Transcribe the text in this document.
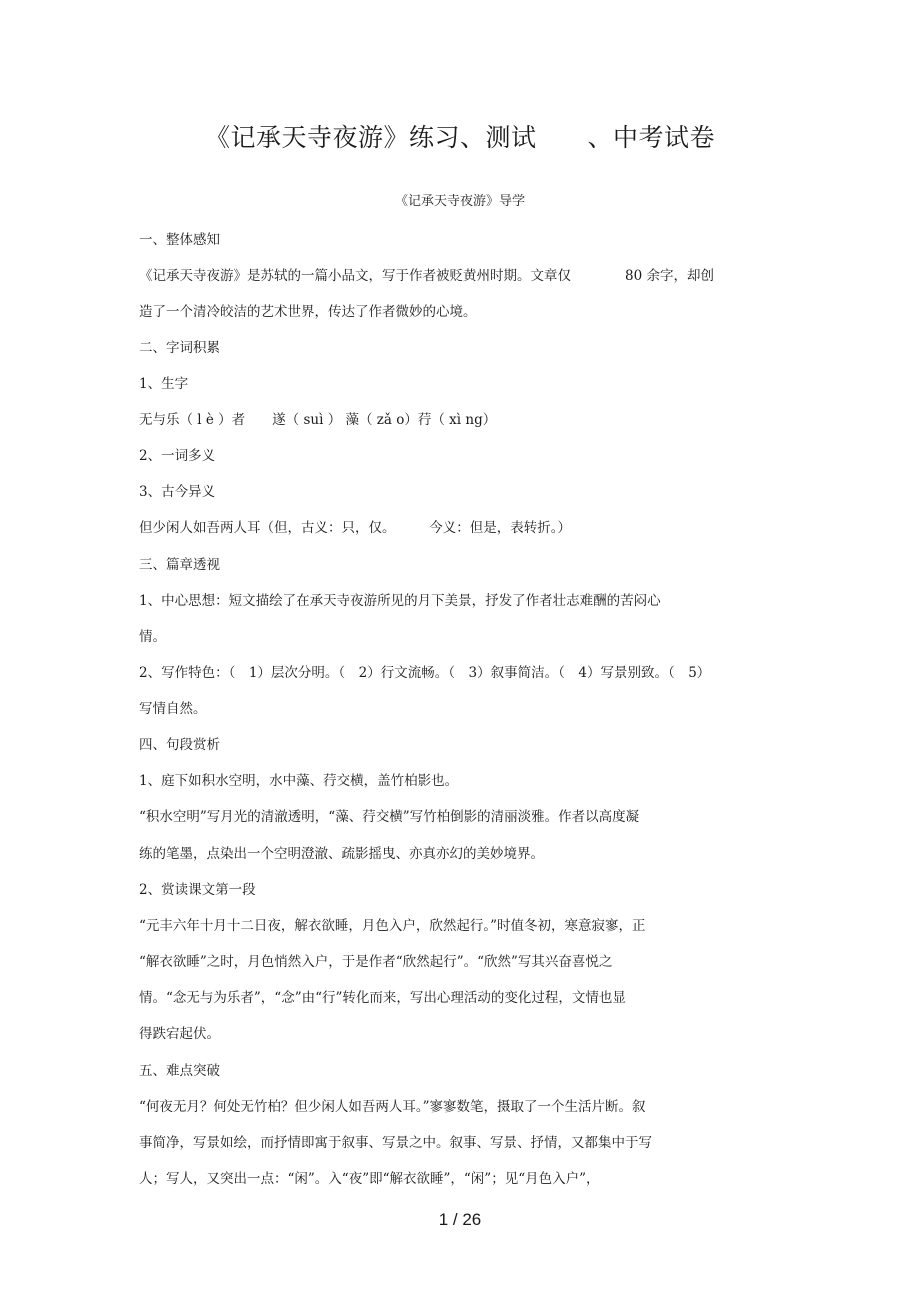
《记承天寺夜游》练习、测试　　、中考试卷
《记承天寺夜游》导学
一、整体感知
《记承天寺夜游》是苏轼的一篇小品文，写于作者被贬黄州时期。文章仅　　　　80 余字，却创
造了一个清冷皎洁的艺术世界，传达了作者微妙的心境。
二、字词积累
1、生字
无与乐（ l è ）者　　遂（ suì ） 藻（ zǎ o）荇（ xì ng）
2、一词多义
3、古今异义
但少闲人如吾两人耳（但，古义：只，仅。　　　今义：但是，表转折。）
三、篇章透视
1、中心思想：短文描绘了在承天寺夜游所见的月下美景，抒发了作者壮志难酬的苦闷心
情。
2、写作特色：（　1）层次分明。（　2）行文流畅。（　3）叙事简洁。（　4）写景别致。（　5）
写情自然。
四、句段赏析
1、庭下如积水空明，水中藻、荇交横，盖竹柏影也。
“积水空明”写月光的清澈透明，“藻、荇交横”写竹柏倒影的清丽淡雅。作者以高度凝
练的笔墨，点染出一个空明澄澈、疏影摇曳、亦真亦幻的美妙境界。
2、赏读课文第一段
“元丰六年十月十二日夜，解衣欲睡，月色入户，欣然起行。”时值冬初，寒意寂寥，正
“解衣欲睡”之时，月色悄然入户，于是作者“欣然起行”。“欣然”写其兴奋喜悦之
情。“念无与为乐者”，“念”由“行”转化而来，写出心理活动的变化过程，文情也显
得跌宕起伏。
五、难点突破
“何夜无月？何处无竹柏？但少闲人如吾两人耳。”寥寥数笔，摄取了一个生活片断。叙
事简净，写景如绘，而抒情即寓于叙事、写景之中。叙事、写景、抒情，又都集中于写
人；写人，又突出一点：“闲”。入“夜”即“解衣欲睡”，“闲”；见“月色入户”，
1 / 26
